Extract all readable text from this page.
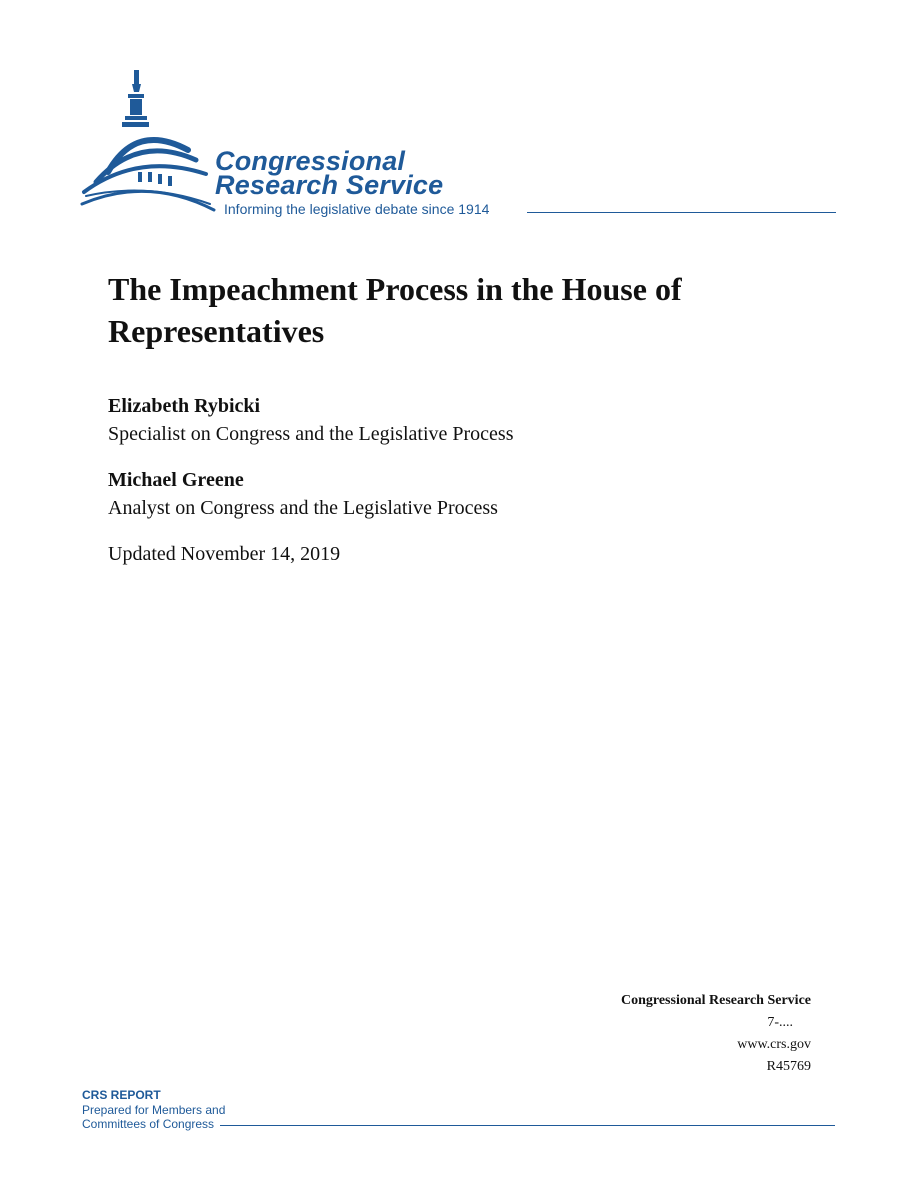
Congressional
Research Service
Informing the legislative debate since 1914
The Impeachment Process in the House of Representatives
Elizabeth Rybicki
Specialist on Congress and the Legislative Process
Michael Greene
Analyst on Congress and the Legislative Process
Updated November 14, 2019
Congressional Research Service
7-....
www.crs.gov
R45769
CRS REPORT
Prepared for Members and
Committees of Congress
